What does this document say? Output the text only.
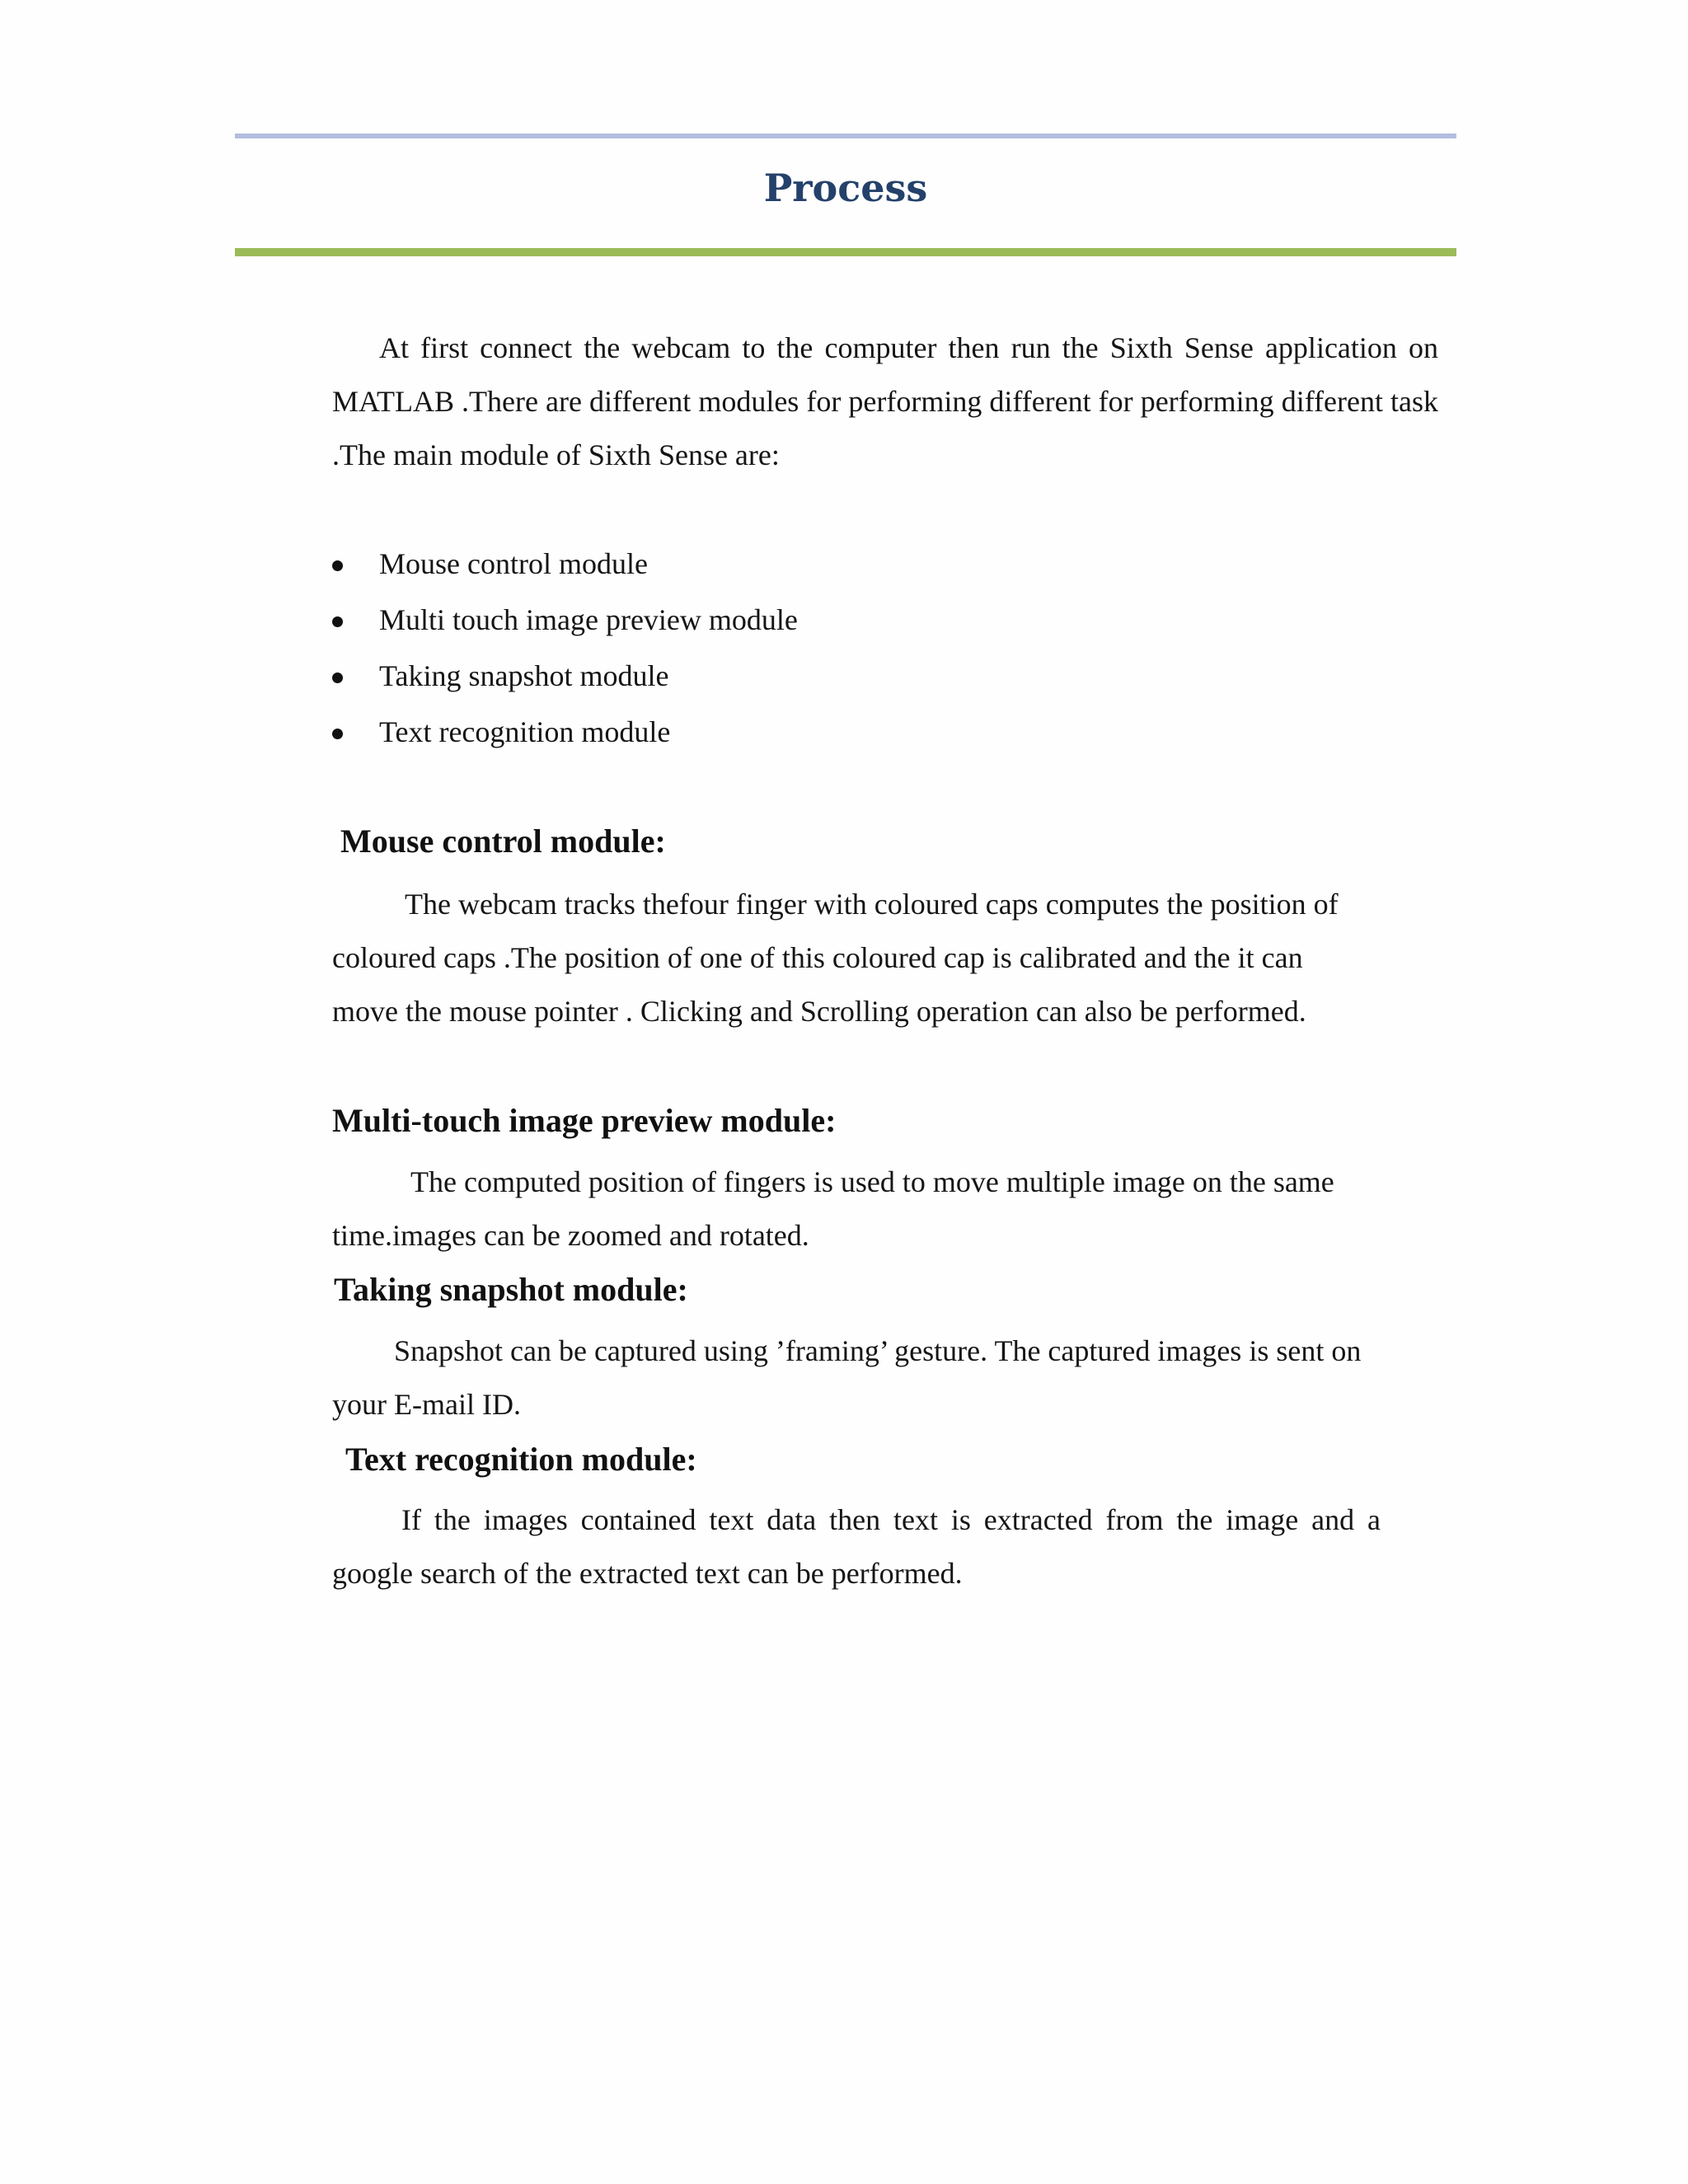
Process

At first connect the webcam to the computer then run the Sixth Sense application on MATLAB .There are different modules for performing different for performing different task .The main module of Sixth Sense are:

Mouse control module
Multi touch image preview module
Taking snapshot module
Text recognition module
Mouse control module:

The webcam tracks thefour finger with coloured caps computes the position of coloured caps .The position of one of this coloured cap is calibrated and the it can move the mouse pointer . Clicking and Scrolling operation can also be performed.

Multi-touch image preview module:

The computed position of fingers is used to move multiple image on the same time.images can be zoomed and rotated.

Taking snapshot module:

Snapshot can be captured using ’framing’ gesture. The captured images is sent on your E-mail ID.

Text recognition module:

If the images contained text data then text is extracted from the image and a google search of the extracted text can be performed.
